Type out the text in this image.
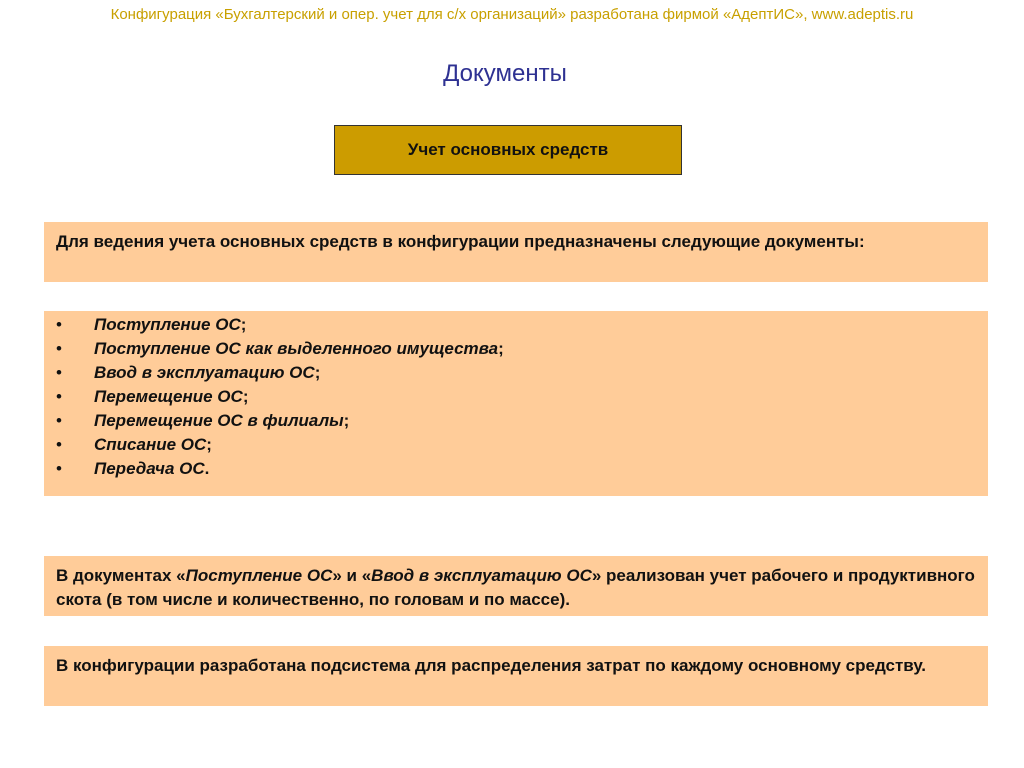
Конфигурация «Бухгалтерский и опер. учет для с/х организаций» разработана фирмой «АдептИС», www.adeptis.ru
Документы
Учет основных средств
Для ведения учета основных средств в конфигурации предназначены следующие документы:
• Поступление ОС;
• Поступление ОС как выделенного имущества;
• Ввод в эксплуатацию ОС;
• Перемещение ОС;
• Перемещение ОС в филиалы;
• Списание ОС;
• Передача ОС.
В документах «Поступление ОС» и «Ввод в эксплуатацию ОС» реализован учет рабочего и продуктивного скота (в том числе и количественно, по головам и по массе).
В конфигурации разработана подсистема для распределения затрат по каждому основному средству.
